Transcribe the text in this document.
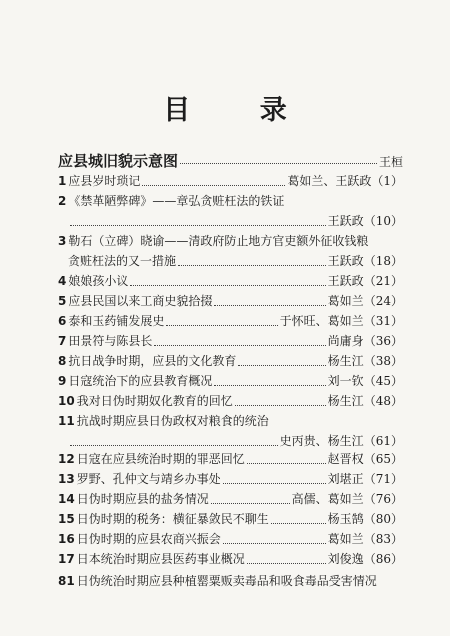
目 录
应县城旧貌示意图	王桓
1 应县岁时琐记	葛如兰、王跃政（1）
2 《禁革陋弊碑》——章弘贪赃枉法的铁证
王跃政（10）
3 勒石（立碑）晓谕——清政府防止地方官吏额外征收钱粮
贪赃枉法的又一措施	王跃政（18）
4 娘娘孩小议	王跃政（21）
5 应县民国以来工商史貌拾掇	葛如兰（24）
6 泰和玉药铺发展史	于怀旺、葛如兰（31）
7 田景符与陈县长	尚庸身（36）
8 抗日战争时期，应县的文化教育	杨生江（38）
9 日寇统治下的应县教育概况	刘一钦（45）
10 我对日伪时期奴化教育的回忆	杨生江（48）
11 抗战时期应县日伪政权对粮食的统治
史丙贵、杨生江（61）
12 日寇在应县统治时期的罪恶回忆	赵晋权（65）
13 罗野、孔仲文与靖乡办事处	刘堪正（71）
14 日伪时期应县的盐务情况	高儒、葛如兰（76）
15 日伪时期的税务：横征暴敛民不聊生	杨玉鹄（80）
16 日伪时期的应县农商兴振会	葛如兰（83）
17 日本统治时期应县医药事业概况	刘俊逸（86）
81 日伪统治时期应县种植罂粟贩卖毒品和吸食毒品受害情况
